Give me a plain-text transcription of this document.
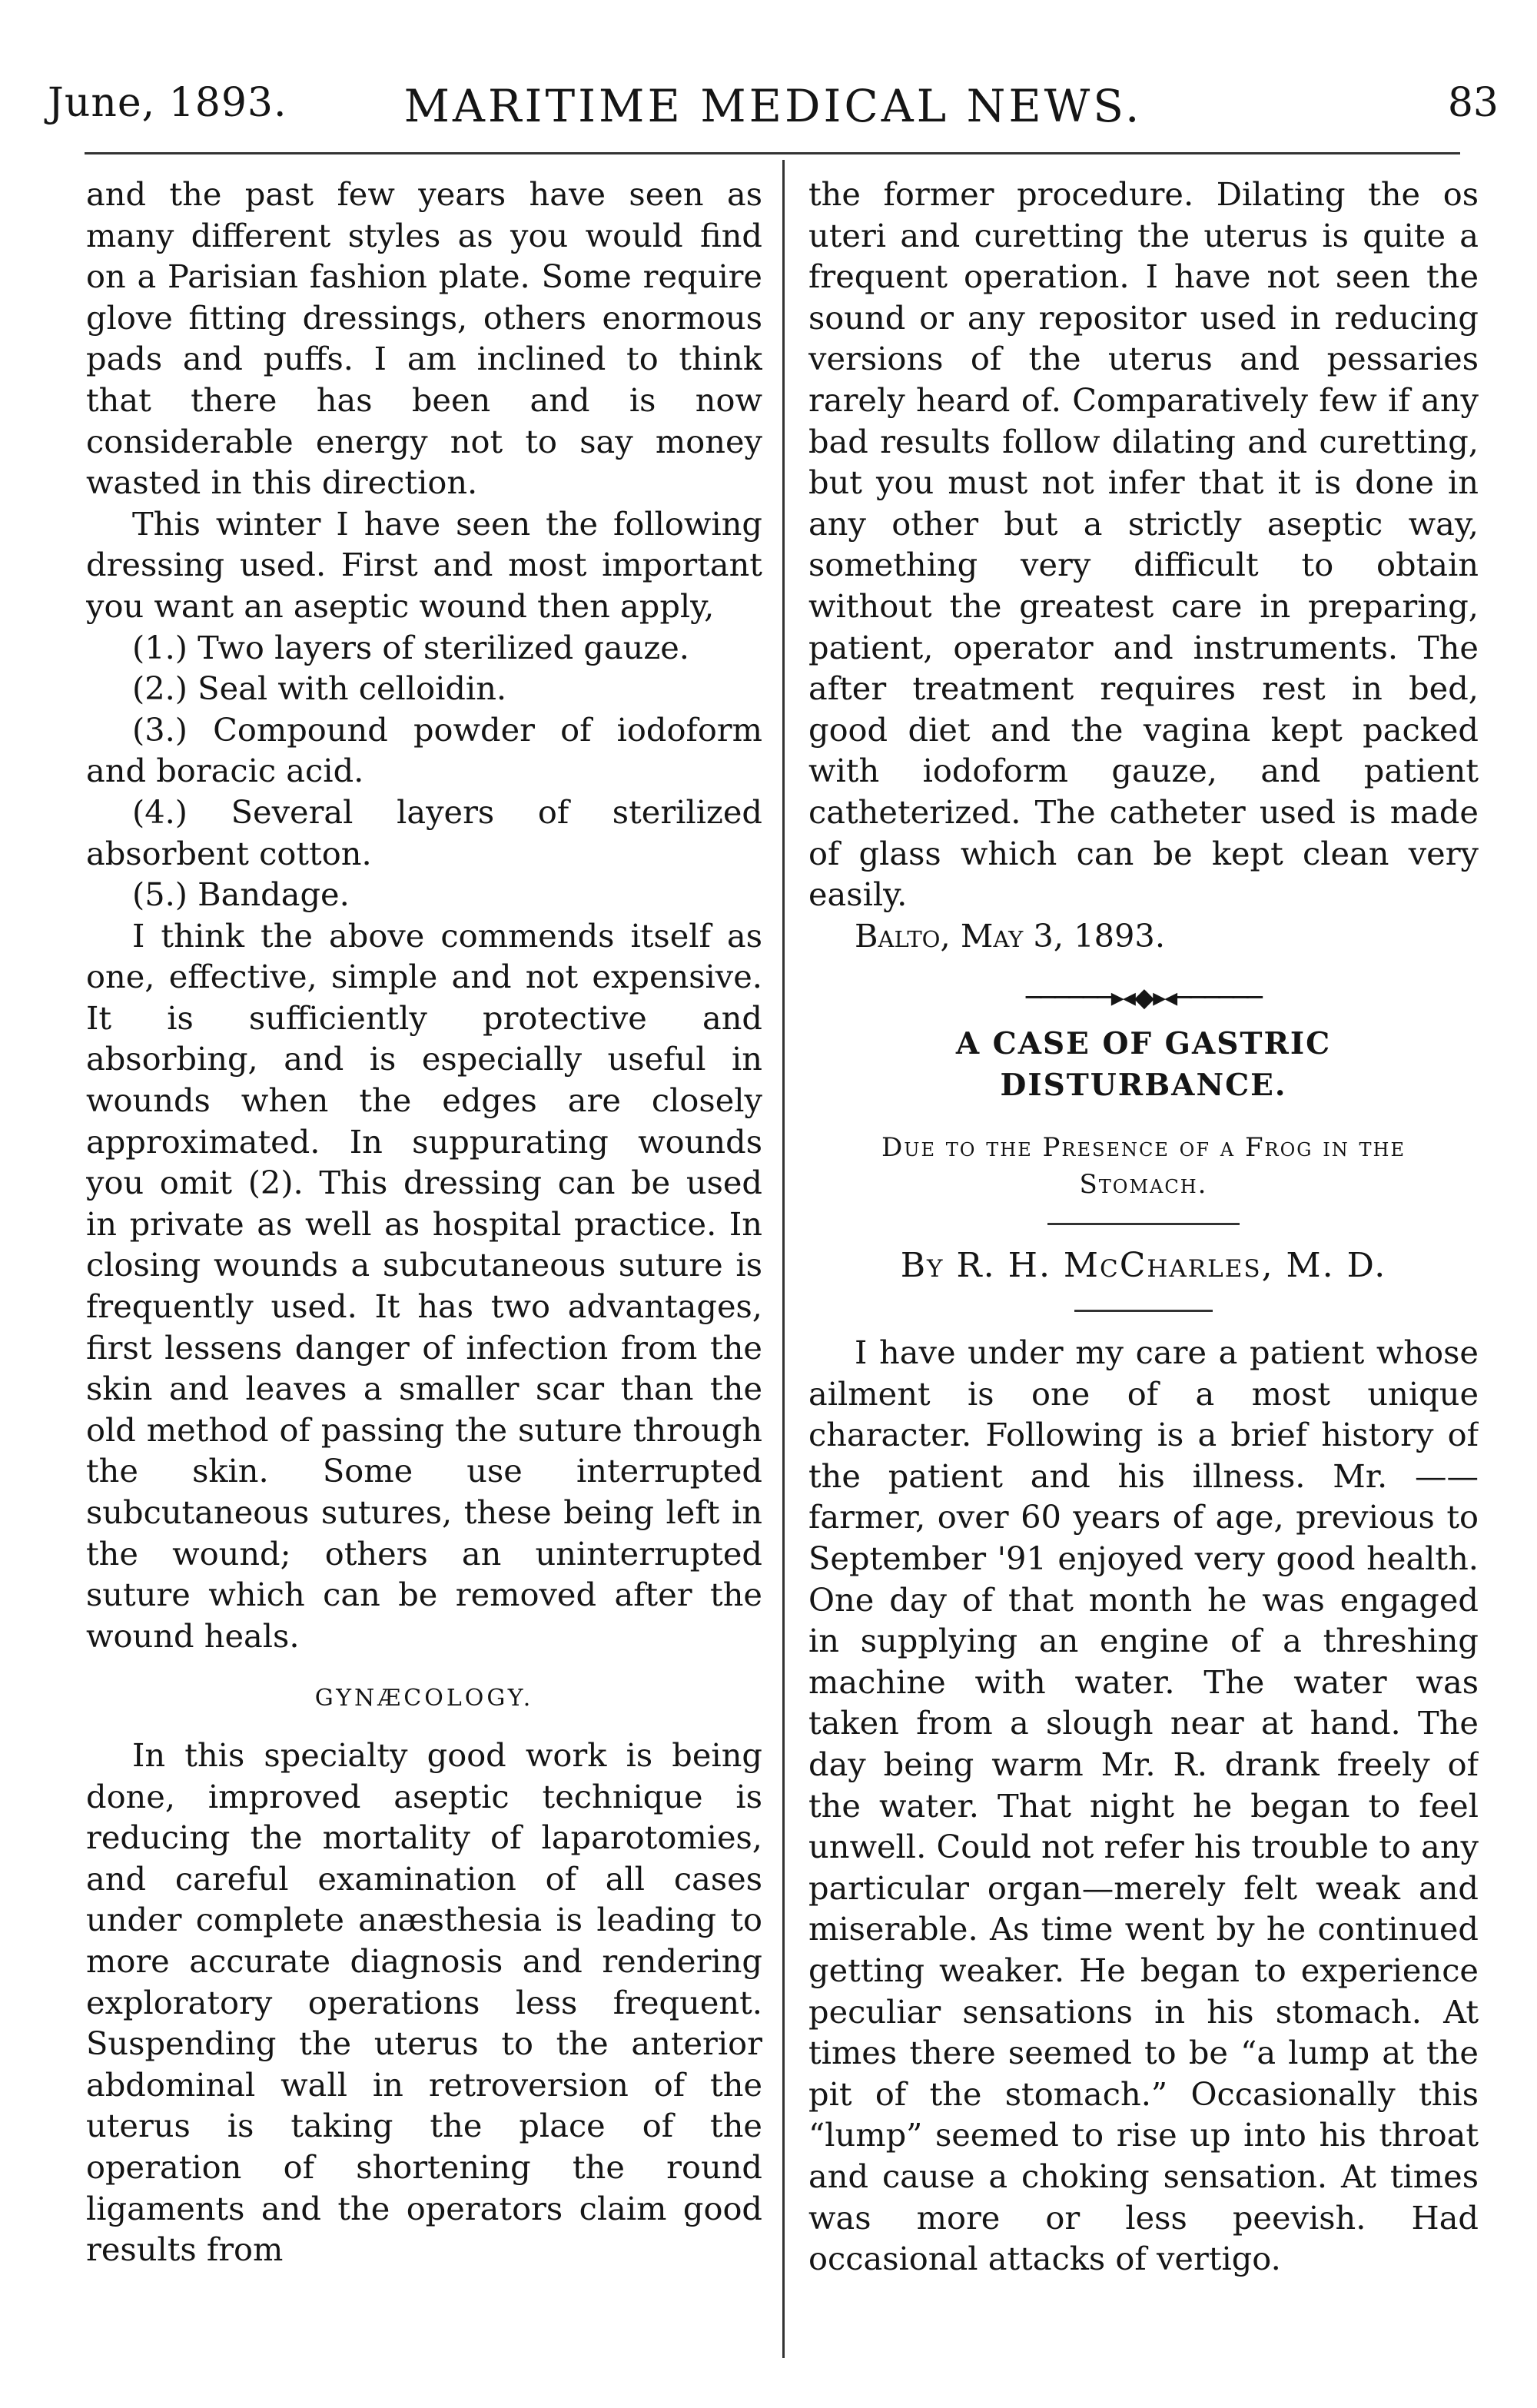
June, 1893.	MARITIME MEDICAL NEWS.	83

and the past few years have seen as many different styles as you would find on a Parisian fashion plate. Some require glove fitting dressings, others enormous pads and puffs. I am inclined to think that there has been and is now considerable energy not to say money wasted in this direction.

This winter I have seen the following dressing used. First and most important you want an aseptic wound then apply,

(1.) Two layers of sterilized gauze.

(2.) Seal with celloidin.

(3.) Compound powder of iodoform and boracic acid.

(4.) Several layers of sterilized absorbent cotton.

(5.) Bandage.

I think the above commends itself as one, effective, simple and not expensive. It is sufficiently protective and absorbing, and is especially useful in wounds when the edges are closely approximated. In suppurating wounds you omit (2). This dressing can be used in private as well as hospital practice. In closing wounds a subcutaneous suture is frequently used. It has two advantages, first lessens danger of infection from the skin and leaves a smaller scar than the old method of passing the suture through the skin. Some use interrupted subcutaneous sutures, these being left in the wound; others an uninterrupted suture which can be removed after the wound heals.

GYNÆCOLOGY.

In this specialty good work is being done, improved aseptic technique is reducing the mortality of laparotomies, and careful examination of all cases under complete anæsthesia is leading to more accurate diagnosis and rendering exploratory operations less frequent. Suspending the uterus to the anterior abdominal wall in retroversion of the uterus is taking the place of the operation of shortening the round ligaments and the operators claim good results from

the former procedure. Dilating the os uteri and curetting the uterus is quite a frequent operation. I have not seen the sound or any repositor used in reducing versions of the uterus and pessaries rarely heard of. Comparatively few if any bad results follow dilating and curetting, but you must not infer that it is done in any other but a strictly aseptic way, something very difficult to obtain without the greatest care in preparing, patient, operator and instruments. The after treatment requires rest in bed, good diet and the vagina kept packed with iodoform gauze, and patient catheterized. The catheter used is made of glass which can be kept clean very easily.

Balto, May 3, 1893.

──────▸◂◆▸◂──────
A CASE OF GASTRIC DISTURBANCE.
Due to the Presence of a Frog in the
Stomach.
By R. H. McCharles, M. D.

I have under my care a patient whose ailment is one of a most unique character. Following is a brief history of the patient and his illness. Mr. —— farmer, over 60 years of age, previous to September '91 enjoyed very good health. One day of that month he was engaged in supplying an engine of a threshing machine with water. The water was taken from a slough near at hand. The day being warm Mr. R. drank freely of the water. That night he began to feel unwell. Could not refer his trouble to any particular organ—merely felt weak and miserable. As time went by he continued getting weaker. He began to experience peculiar sensations in his stomach. At times there seemed to be “a lump at the pit of the stomach.” Occasionally this “lump” seemed to rise up into his throat and cause a choking sensation. At times was more or less peevish. Had occasional attacks of vertigo.
